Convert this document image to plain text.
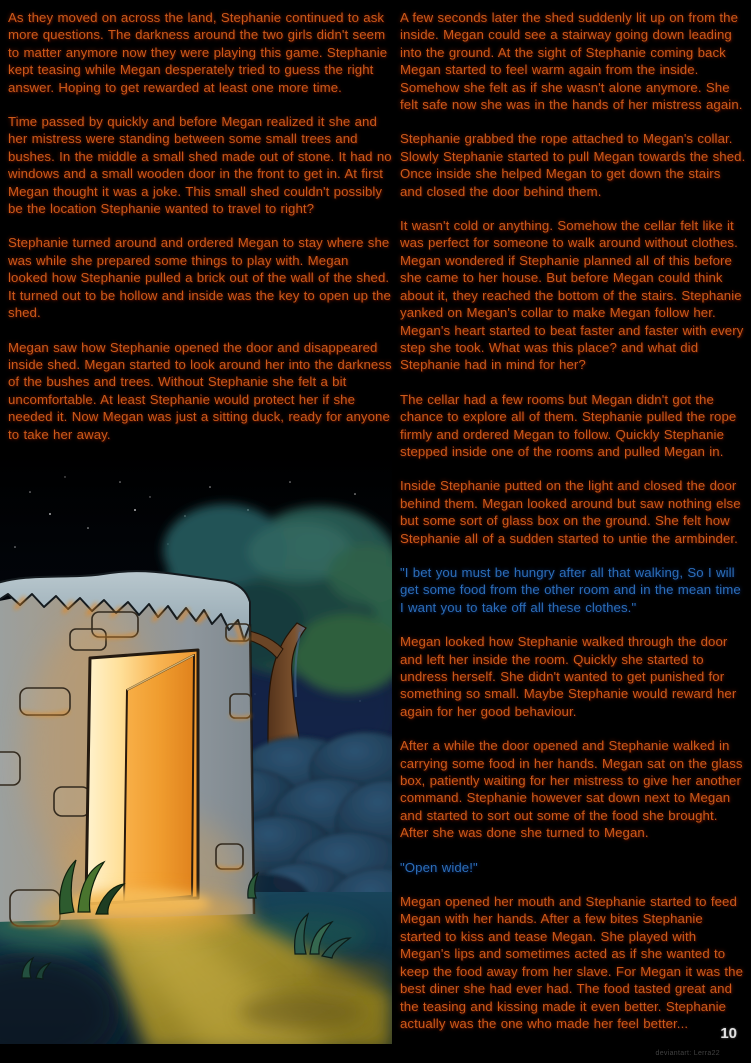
As they moved on across the land, Stephanie continued to ask more questions. The darkness around the two girls didn't seem to matter anymore now they were playing this game. Stephanie kept teasing while Megan desperately tried to guess the right answer. Hoping to get rewarded at least one more time.

Time passed by quickly and before Megan realized it she and her mistress were standing between some small trees and bushes. In the middle a small shed made out of stone. It had no windows and a small wooden door in the front to get in. At first Megan thought it was a joke. This small shed couldn't possibly be the location Stephanie wanted to travel to right?

Stephanie turned around and ordered Megan to stay where she was while she prepared some things to play with. Megan looked how Stephanie pulled a brick out of the wall of the shed. It turned out to be hollow and inside was the key to open up the shed.

Megan saw how Stephanie opened the door and disappeared inside shed. Megan started to look around her into the darkness of the bushes and trees. Without Stephanie she felt a bit uncomfortable. At least Stephanie would protect her if she needed it. Now Megan was just a sitting duck, ready for anyone to take her away.

A few seconds later the shed suddenly lit up on from the inside. Megan could see a stairway going down leading into the ground. At the sight of Stephanie coming back Megan started to feel warm again from the inside. Somehow she felt as if she wasn't alone anymore. She felt safe now she was in the hands of her mistress again.

Stephanie grabbed the rope attached to Megan's collar. Slowly Stephanie started to pull Megan towards the shed. Once inside she helped Megan to get down the stairs and closed the door behind them.

It wasn't cold or anything. Somehow the cellar felt like it was perfect for someone to walk around without clothes. Megan wondered if Stephanie planned all of this before she came to her house. But before Megan could think about it, they reached the bottom of the stairs. Stephanie yanked on Megan's collar to make Megan follow her. Megan's heart started to beat faster and faster with every step she took. What was this place? and what did Stephanie had in mind for her?

The cellar had a few rooms but Megan didn't got the chance to explore all of them. Stephanie pulled the rope firmly and ordered Megan to follow. Quickly Stephanie stepped inside one of the rooms and pulled Megan in.

Inside Stephanie putted on the light and closed the door behind them. Megan looked around but saw nothing else but some sort of glass box on the ground. She felt how Stephanie all of a sudden started to untie the armbinder.

"I bet you must be hungry after all that walking, So I will get some food from the other room and in the mean time I want you to take off all these clothes."

Megan looked how Stephanie walked through the door and left her inside the room. Quickly she started to undress herself. She didn't wanted to get punished for something so small. Maybe Stephanie would reward her again for her good behaviour.

After a while the door opened and Stephanie walked in carrying some food in her hands. Megan sat on the glass box, patiently waiting for her mistress to give her another command. Stephanie however sat down next to Megan and started to sort out some of the food she brought. After she was done she turned to Megan.

"Open wide!"

Megan opened her mouth and Stephanie started to feed Megan with her hands. After a few bites Stephanie started to kiss and tease Megan. She played with Megan's lips and sometimes acted as if she wanted to keep the food away from her slave. For Megan it was the best diner she had ever had. The food tasted great and the teasing and kissing made it even better. Stephanie actually was the one who made her feel better...

10
deviantart: Lerra22
